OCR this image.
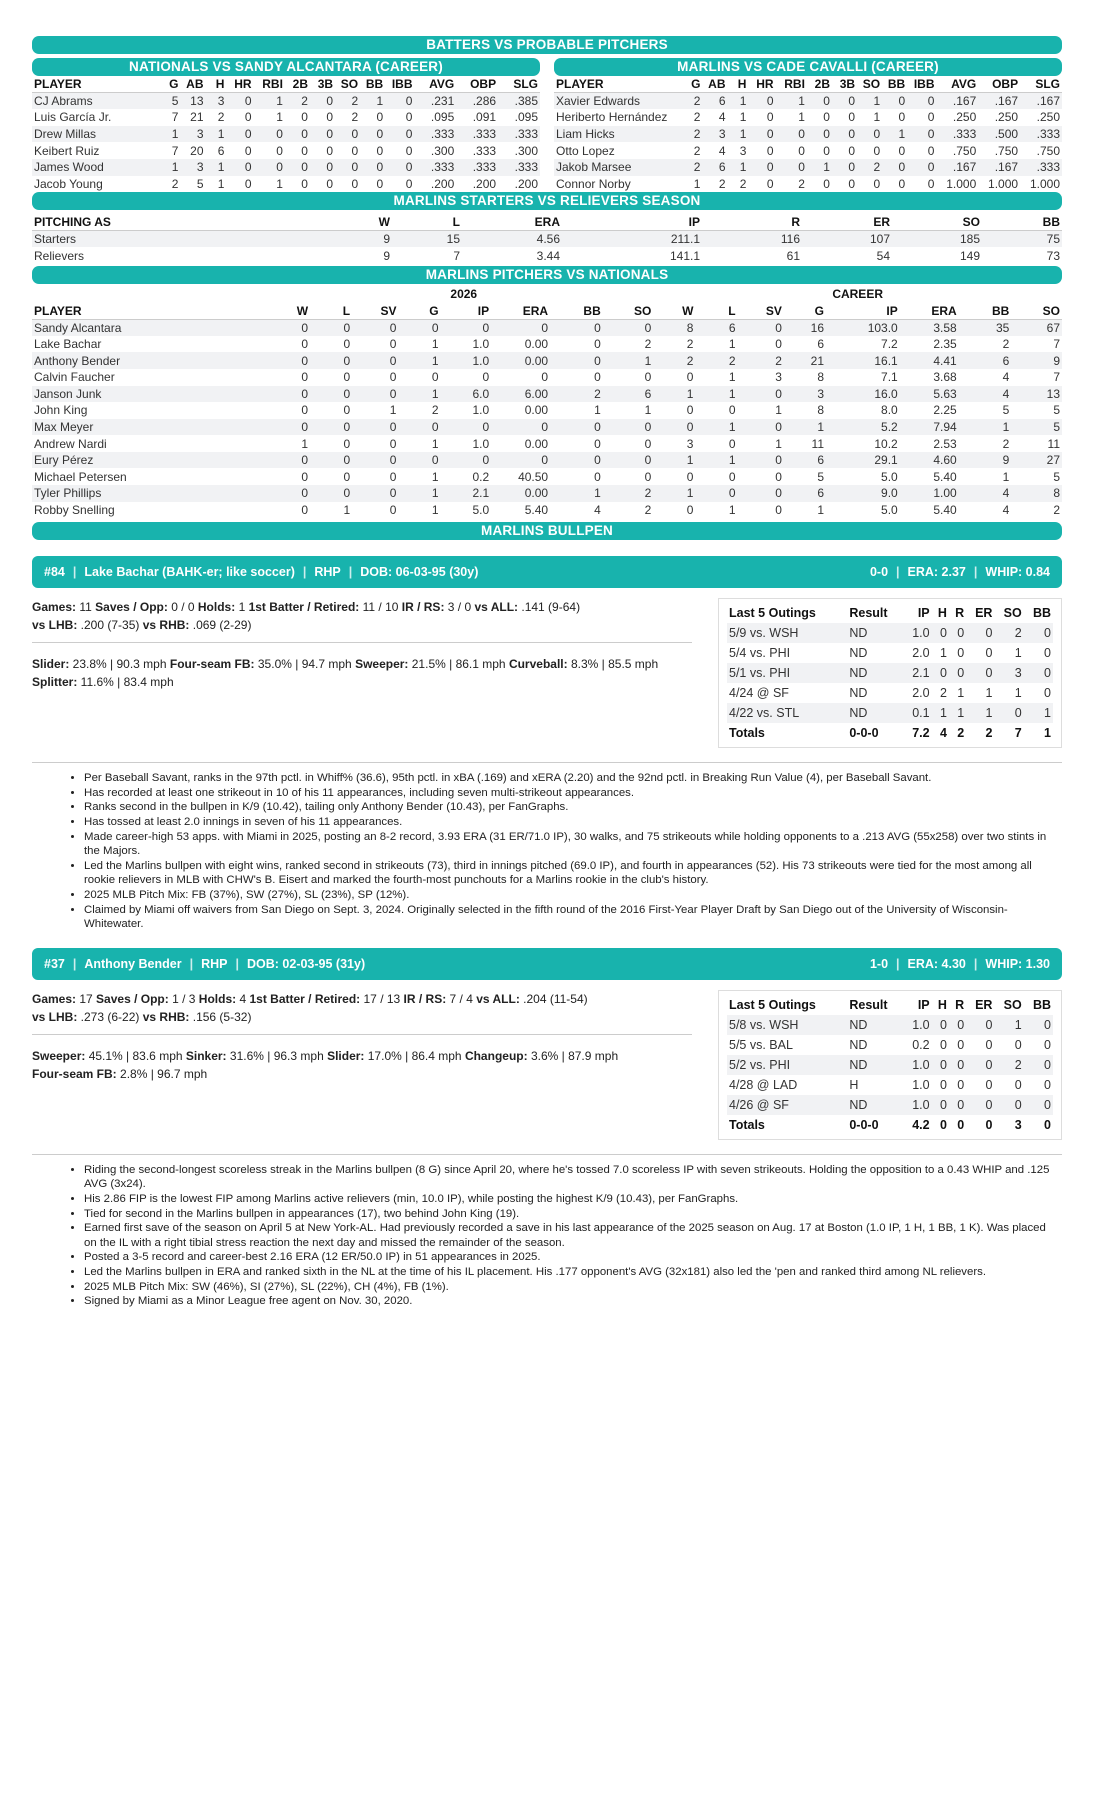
BATTERS VS PROBABLE PITCHERS
NATIONALS VS SANDY ALCANTARA (CAREER)
PLAYER	G	AB	H	HR	RBI	2B	3B	SO	BB	IBB	AVG	OBP	SLG
CJ Abrams	5	13	3	0	1	2	0	2	1	0	.231	.286	.385
Luis García Jr.	7	21	2	0	1	0	0	2	0	0	.095	.091	.095
Drew Millas	1	3	1	0	0	0	0	0	0	0	.333	.333	.333
Keibert Ruiz	7	20	6	0	0	0	0	0	0	0	.300	.333	.300
James Wood	1	3	1	0	0	0	0	0	0	0	.333	.333	.333
Jacob Young	2	5	1	0	1	0	0	0	0	0	.200	.200	.200
MARLINS VS CADE CAVALLI (CAREER)
PLAYER	G	AB	H	HR	RBI	2B	3B	SO	BB	IBB	AVG	OBP	SLG
Xavier Edwards	2	6	1	0	1	0	0	1	0	0	.167	.167	.167
Heriberto Hernández	2	4	1	0	1	0	0	1	0	0	.250	.250	.250
Liam Hicks	2	3	1	0	0	0	0	0	1	0	.333	.500	.333
Otto Lopez	2	4	3	0	0	0	0	0	0	0	.750	.750	.750
Jakob Marsee	2	6	1	0	0	1	0	2	0	0	.167	.167	.333
Connor Norby	1	2	2	0	2	0	0	0	0	0	1.000	1.000	1.000
MARLINS STARTERS VS RELIEVERS SEASON
PITCHING AS	W	L	ERA	IP	R	ER	SO	BB
Starters	9	15	4.56	211.1	116	107	185	75
Relievers	9	7	3.44	141.1	61	54	149	73
MARLINS PITCHERS VS NATIONALS
	2026								CAREER							
PLAYER	W	L	SV	G	IP	ERA	BB	SO	W	L	SV	G	IP	ERA	BB	SO
Sandy Alcantara	0	0	0	0	0	0	0	0	8	6	0	16	103.0	3.58	35	67
Lake Bachar	0	0	0	1	1.0	0.00	0	2	2	1	0	6	7.2	2.35	2	7
Anthony Bender	0	0	0	1	1.0	0.00	0	1	2	2	2	21	16.1	4.41	6	9
Calvin Faucher	0	0	0	0	0	0	0	0	0	1	3	8	7.1	3.68	4	7
Janson Junk	0	0	0	1	6.0	6.00	2	6	1	1	0	3	16.0	5.63	4	13
John King	0	0	1	2	1.0	0.00	1	1	0	0	1	8	8.0	2.25	5	5
Max Meyer	0	0	0	0	0	0	0	0	0	1	0	1	5.2	7.94	1	5
Andrew Nardi	1	0	0	1	1.0	0.00	0	0	3	0	1	11	10.2	2.53	2	11
Eury Pérez	0	0	0	0	0	0	0	0	1	1	0	6	29.1	4.60	9	27
Michael Petersen	0	0	0	1	0.2	40.50	0	0	0	0	0	5	5.0	5.40	1	5
Tyler Phillips	0	0	0	1	2.1	0.00	1	2	1	0	0	6	9.0	1.00	4	8
Robby Snelling	0	1	0	1	5.0	5.40	4	2	0	1	0	1	5.0	5.40	4	2
MARLINS BULLPEN
#84 | Lake Bachar (BAHK-er; like soccer) | RHP | DOB: 06-03-95 (30y)	0-0 | ERA: 2.37 | WHIP: 0.84
Games: 11 Saves / Opp: 0 / 0 Holds: 1 1st Batter / Retired: 11 / 10 IR / RS: 3 / 0 vs ALL: .141 (9-64)
vs LHB: .200 (7-35) vs RHB: .069 (2-29)
Slider: 23.8% | 90.3 mph Four-seam FB: 35.0% | 94.7 mph Sweeper: 21.5% | 86.1 mph Curveball: 8.3% | 85.5 mph
Splitter: 11.6% | 83.4 mph
Last 5 Outings	Result	IP	H	R	ER	SO	BB
5/9 vs. WSH	ND	1.0	0	0	0	2	0
5/4 vs. PHI	ND	2.0	1	0	0	1	0
5/1 vs. PHI	ND	2.1	0	0	0	3	0
4/24 @ SF	ND	2.0	2	1	1	1	0
4/22 vs. STL	ND	0.1	1	1	1	0	1
Totals	0-0-0	7.2	4	2	2	7	1
• Per Baseball Savant, ranks in the 97th pctl. in Whiff% (36.6), 95th pctl. in xBA (.169) and xERA (2.20) and the 92nd pctl. in Breaking Run Value (4), per Baseball Savant.
• Has recorded at least one strikeout in 10 of his 11 appearances, including seven multi-strikeout appearances.
• Ranks second in the bullpen in K/9 (10.42), tailing only Anthony Bender (10.43), per FanGraphs.
• Has tossed at least 2.0 innings in seven of his 11 appearances.
• Made career-high 53 apps. with Miami in 2025, posting an 8-2 record, 3.93 ERA (31 ER/71.0 IP), 30 walks, and 75 strikeouts while holding opponents to a .213 AVG (55x258) over two stints in the Majors.
• Led the Marlins bullpen with eight wins, ranked second in strikeouts (73), third in innings pitched (69.0 IP), and fourth in appearances (52). His 73 strikeouts were tied for the most among all rookie relievers in MLB with CHW's B. Eisert and marked the fourth-most punchouts for a Marlins rookie in the club's history.
• 2025 MLB Pitch Mix: FB (37%), SW (27%), SL (23%), SP (12%).
• Claimed by Miami off waivers from San Diego on Sept. 3, 2024. Originally selected in the fifth round of the 2016 First-Year Player Draft by San Diego out of the University of Wisconsin-Whitewater.
#37 | Anthony Bender | RHP | DOB: 02-03-95 (31y)	1-0 | ERA: 4.30 | WHIP: 1.30
Games: 17 Saves / Opp: 1 / 3 Holds: 4 1st Batter / Retired: 17 / 13 IR / RS: 7 / 4 vs ALL: .204 (11-54)
vs LHB: .273 (6-22) vs RHB: .156 (5-32)
Sweeper: 45.1% | 83.6 mph Sinker: 31.6% | 96.3 mph Slider: 17.0% | 86.4 mph Changeup: 3.6% | 87.9 mph
Four-seam FB: 2.8% | 96.7 mph
Last 5 Outings	Result	IP	H	R	ER	SO	BB
5/8 vs. WSH	ND	1.0	0	0	0	1	0
5/5 vs. BAL	ND	0.2	0	0	0	0	0
5/2 vs. PHI	ND	1.0	0	0	0	2	0
4/28 @ LAD	H	1.0	0	0	0	0	0
4/26 @ SF	ND	1.0	0	0	0	0	0
Totals	0-0-0	4.2	0	0	0	3	0
• Riding the second-longest scoreless streak in the Marlins bullpen (8 G) since April 20, where he's tossed 7.0 scoreless IP with seven strikeouts. Holding the opposition to a 0.43 WHIP and .125 AVG (3x24).
• His 2.86 FIP is the lowest FIP among Marlins active relievers (min, 10.0 IP), while posting the highest K/9 (10.43), per FanGraphs.
• Tied for second in the Marlins bullpen in appearances (17), two behind John King (19).
• Earned first save of the season on April 5 at New York-AL. Had previously recorded a save in his last appearance of the 2025 season on Aug. 17 at Boston (1.0 IP, 1 H, 1 BB, 1 K). Was placed on the IL with a right tibial stress reaction the next day and missed the remainder of the season.
• Posted a 3-5 record and career-best 2.16 ERA (12 ER/50.0 IP) in 51 appearances in 2025.
• Led the Marlins bullpen in ERA and ranked sixth in the NL at the time of his IL placement. His .177 opponent's AVG (32x181) also led the 'pen and ranked third among NL relievers.
• 2025 MLB Pitch Mix: SW (46%), SI (27%), SL (22%), CH (4%), FB (1%).
• Signed by Miami as a Minor League free agent on Nov. 30, 2020.
